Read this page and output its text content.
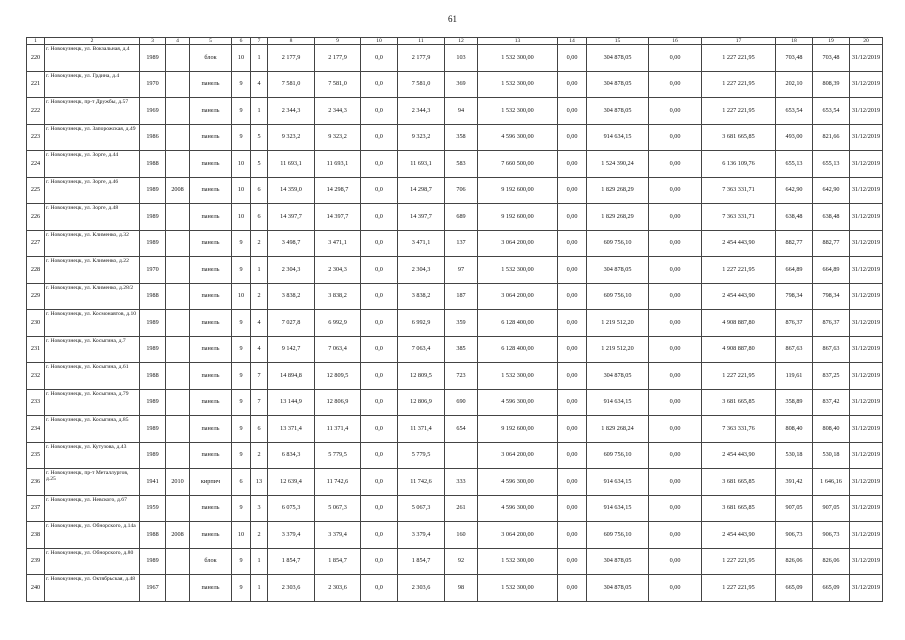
61
1	2	3	4	5	6	7	8	9	10	11	12	13	14	15	16	17	18	19	20
220	г. Новокузнецк, ул. Вокзальная, д.4	1989		блок	10	1	2 177,9	2 177,9	0,0	2 177,9	103	1 532 300,00	0,00	304 878,05	0,00	1 227 221,95	703,48	703,48	31/12/2019
221	г. Новокузнецк, ул. Грдина, д.4	1970		панель	9	4	7 581,0	7 581,0	0,0	7 581,0	369	1 532 300,00	0,00	304 878,05	0,00	1 227 221,95	202,10	808,39	31/12/2019
222	г. Новокузнецк, пр-т Дружбы, д.57	1969		панель	9	1	2 344,3	2 344,3	0,0	2 344,3	94	1 532 300,00	0,00	304 878,05	0,00	1 227 221,95	653,54	653,54	31/12/2019
223	г. Новокузнецк, ул. Запорожская, д.49	1986		панель	9	5	9 323,2	9 323,2	0,0	9 323,2	358	4 596 300,00	0,00	914 634,15	0,00	3 681 665,85	493,00	821,66	31/12/2019
224	г. Новокузнецк, ул. Зорге, д.44	1988		панель	10	5	11 693,1	11 693,1	0,0	11 693,1	583	7 660 500,00	0,00	1 524 390,24	0,00	6 136 109,76	655,13	655,13	31/12/2019
225	г. Новокузнецк, ул. Зорге, д.46	1989	2008	панель	10	6	14 359,0	14 298,7	0,0	14 298,7	706	9 192 600,00	0,00	1 829 268,29	0,00	7 363 331,71	642,90	642,90	31/12/2019
226	г. Новокузнецк, ул. Зорге, д.48	1989		панель	10	6	14 397,7	14 397,7	0,0	14 397,7	689	9 192 600,00	0,00	1 829 268,29	0,00	7 363 331,71	638,48	638,48	31/12/2019
227	г. Новокузнецк, ул. Клименко, д.32	1989		панель	9	2	3 498,7	3 471,1	0,0	3 471,1	137	3 064 200,00	0,00	609 756,10	0,00	2 454 443,90	882,77	882,77	31/12/2019
228	г. Новокузнецк, ул. Клименко, д.22	1970		панель	9	1	2 304,3	2 304,3	0,0	2 304,3	97	1 532 300,00	0,00	304 878,05	0,00	1 227 221,95	664,89	664,89	31/12/2019
229	г. Новокузнецк, ул. Клименко, д.28/2	1988		панель	10	2	3 838,2	3 838,2	0,0	3 838,2	187	3 064 200,00	0,00	609 756,10	0,00	2 454 443,90	798,34	798,34	31/12/2019
230	г. Новокузнецк, ул. Космонавтов, д.10	1989		панель	9	4	7 027,8	6 992,9	0,0	6 992,9	359	6 128 400,00	0,00	1 219 512,20	0,00	4 908 887,80	876,37	876,37	31/12/2019
231	г. Новокузнецк, ул. Косыгина, д.7	1989		панель	9	4	9 142,7	7 063,4	0,0	7 063,4	385	6 128 400,00	0,00	1 219 512,20	0,00	4 908 887,80	867,63	867,63	31/12/2019
232	г. Новокузнецк, ул. Косыгина, д.61	1988		панель	9	7	14 894,8	12 809,5	0,0	12 809,5	723	1 532 300,00	0,00	304 878,05	0,00	1 227 221,95	119,61	837,25	31/12/2019
233	г. Новокузнецк, ул. Косыгина, д.79	1989		панель	9	7	13 144,9	12 806,9	0,0	12 806,9	690	4 596 300,00	0,00	914 634,15	0,00	3 681 665,85	358,89	837,42	31/12/2019
234	г. Новокузнецк, ул. Косыгина, д.85	1989		панель	9	6	13 371,4	11 371,4	0,0	11 371,4	654	9 192 600,00	0,00	1 829 268,24	0,00	7 363 331,76	808,40	808,40	31/12/2019
235	г. Новокузнецк, ул. Кутузова, д.43	1989		панель	9	2	6 834,3	5 779,5	0,0	5 779,5		3 064 200,00	0,00	609 756,10	0,00	2 454 443,90	530,18	530,18	31/12/2019
236	г. Новокузнецк, пр-т Металлургов, д.25	1941	2010	кирпич	6	13	12 639,4	11 742,6	0,0	11 742,6	333	4 596 300,00	0,00	914 634,15	0,00	3 681 665,85	391,42	1 646,16	31/12/2019
237	г. Новокузнецк, ул. Невского, д.67	1959		панель	9	3	6 075,3	5 067,3	0,0	5 067,3	261	4 596 300,00	0,00	914 634,15	0,00	3 681 665,85	907,05	907,05	31/12/2019
238	г. Новокузнецк, ул. Обнорского, д.14а	1988	2008	панель	10	2	3 379,4	3 379,4	0,0	3 379,4	160	3 064 200,00	0,00	609 756,10	0,00	2 454 443,90	906,73	906,73	31/12/2019
239	г. Новокузнецк, ул. Обнорского, д.80	1989		блок	9	1	1 854,7	1 854,7	0,0	1 854,7	92	1 532 300,00	0,00	304 878,05	0,00	1 227 221,95	826,06	826,06	31/12/2019
240	г. Новокузнецк, ул. Октябрьская, д.48	1967		панель	9	1	2 303,6	2 303,6	0,0	2 303,6	98	1 532 300,00	0,00	304 878,05	0,00	1 227 221,95	665,09	665,09	31/12/2019
